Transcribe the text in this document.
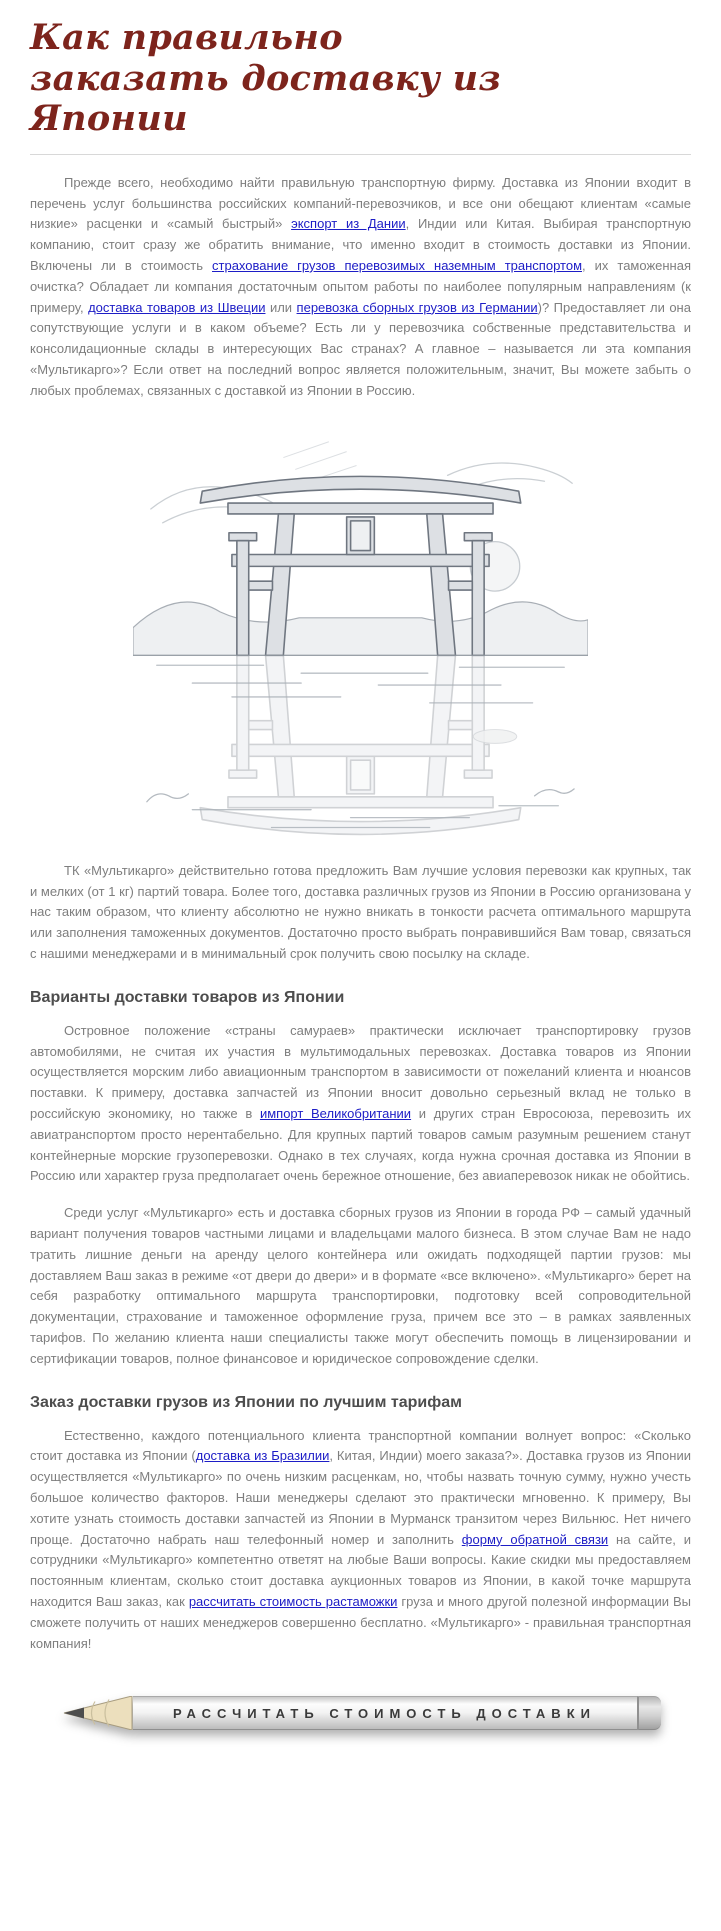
Как правильно заказать доставку из Японии

Прежде всего, необходимо найти правильную транспортную фирму. Доставка из Японии входит в перечень услуг большинства российских компаний-перевозчиков, и все они обещают клиентам «самые низкие» расценки и «самый быстрый» экспорт из Дании, Индии или Китая. Выбирая транспортную компанию, стоит сразу же обратить внимание, что именно входит в стоимость доставки из Японии. Включены ли в стоимость страхование грузов перевозимых наземным транспортом, их таможенная очистка? Обладает ли компания достаточным опытом работы по наиболее популярным направлениям (к примеру, доставка товаров из Швеции или перевозка сборных грузов из Германии)? Предоставляет ли она сопутствующие услуги и в каком объеме? Есть ли у перевозчика собственные представительства и консолидационные склады в интересующих Вас странах? А главное – называется ли эта компания «Мультикарго»? Если ответ на последний вопрос является положительным, значит, Вы можете забыть о любых проблемах, связанных с доставкой из Японии в Россию.

ТК «Мультикарго» действительно готова предложить Вам лучшие условия перевозки как крупных, так и мелких (от 1 кг) партий товара. Более того, доставка различных грузов из Японии в Россию организована у нас таким образом, что клиенту абсолютно не нужно вникать в тонкости расчета оптимального маршрута или заполнения таможенных документов. Достаточно просто выбрать понравившийся Вам товар, связаться с нашими менеджерами и в минимальный срок получить свою посылку на складе.

Варианты доставки товаров из Японии

Островное положение «страны самураев» практически исключает транспортировку грузов автомобилями, не считая их участия в мультимодальных перевозках. Доставка товаров из Японии осуществляется морским либо авиационным транспортом в зависимости от пожеланий клиента и нюансов поставки. К примеру, доставка запчастей из Японии вносит довольно серьезный вклад не только в российскую экономику, но также в импорт Великобритании и других стран Евросоюза, перевозить их авиатранспортом просто нерентабельно. Для крупных партий товаров самым разумным решением станут контейнерные морские грузоперевозки. Однако в тех случаях, когда нужна срочная доставка из Японии в Россию или характер груза предполагает очень бережное отношение, без авиаперевозок никак не обойтись.

Среди услуг «Мультикарго» есть и доставка сборных грузов из Японии в города РФ – самый удачный вариант получения товаров частными лицами и владельцами малого бизнеса. В этом случае Вам не надо тратить лишние деньги на аренду целого контейнера или ожидать подходящей партии грузов: мы доставляем Ваш заказ в режиме «от двери до двери» и в формате «все включено». «Мультикарго» берет на себя разработку оптимального маршрута транспортировки, подготовку всей сопроводительной документации, страхование и таможенное оформление груза, причем все это – в рамках заявленных тарифов. По желанию клиента наши специалисты также могут обеспечить помощь в лицензировании и сертификации товаров, полное финансовое и юридическое сопровождение сделки.

Заказ доставки грузов из Японии по лучшим тарифам

Естественно, каждого потенциального клиента транспортной компании волнует вопрос: «Сколько стоит доставка из Японии (доставка из Бразилии, Китая, Индии) моего заказа?». Доставка грузов из Японии осуществляется «Мультикарго» по очень низким расценкам, но, чтобы назвать точную сумму, нужно учесть большое количество факторов. Наши менеджеры сделают это практически мгновенно. К примеру, Вы хотите узнать стоимость доставки запчастей из Японии в Мурманск транзитом через Вильнюс. Нет ничего проще. Достаточно набрать наш телефонный номер и заполнить форму обратной связи на сайте, и сотрудники «Мультикарго» компетентно ответят на любые Ваши вопросы. Какие скидки мы предоставляем постоянным клиентам, сколько стоит доставка аукционных товаров из Японии, в какой точке маршрута находится Ваш заказ, как рассчитать стоимость растаможки груза и много другой полезной информации Вы сможете получить от наших менеджеров совершенно бесплатно. «Мультикарго» - правильная транспортная компания!

РАССЧИТАТЬ СТОИМОСТЬ ДОСТАВКИ
